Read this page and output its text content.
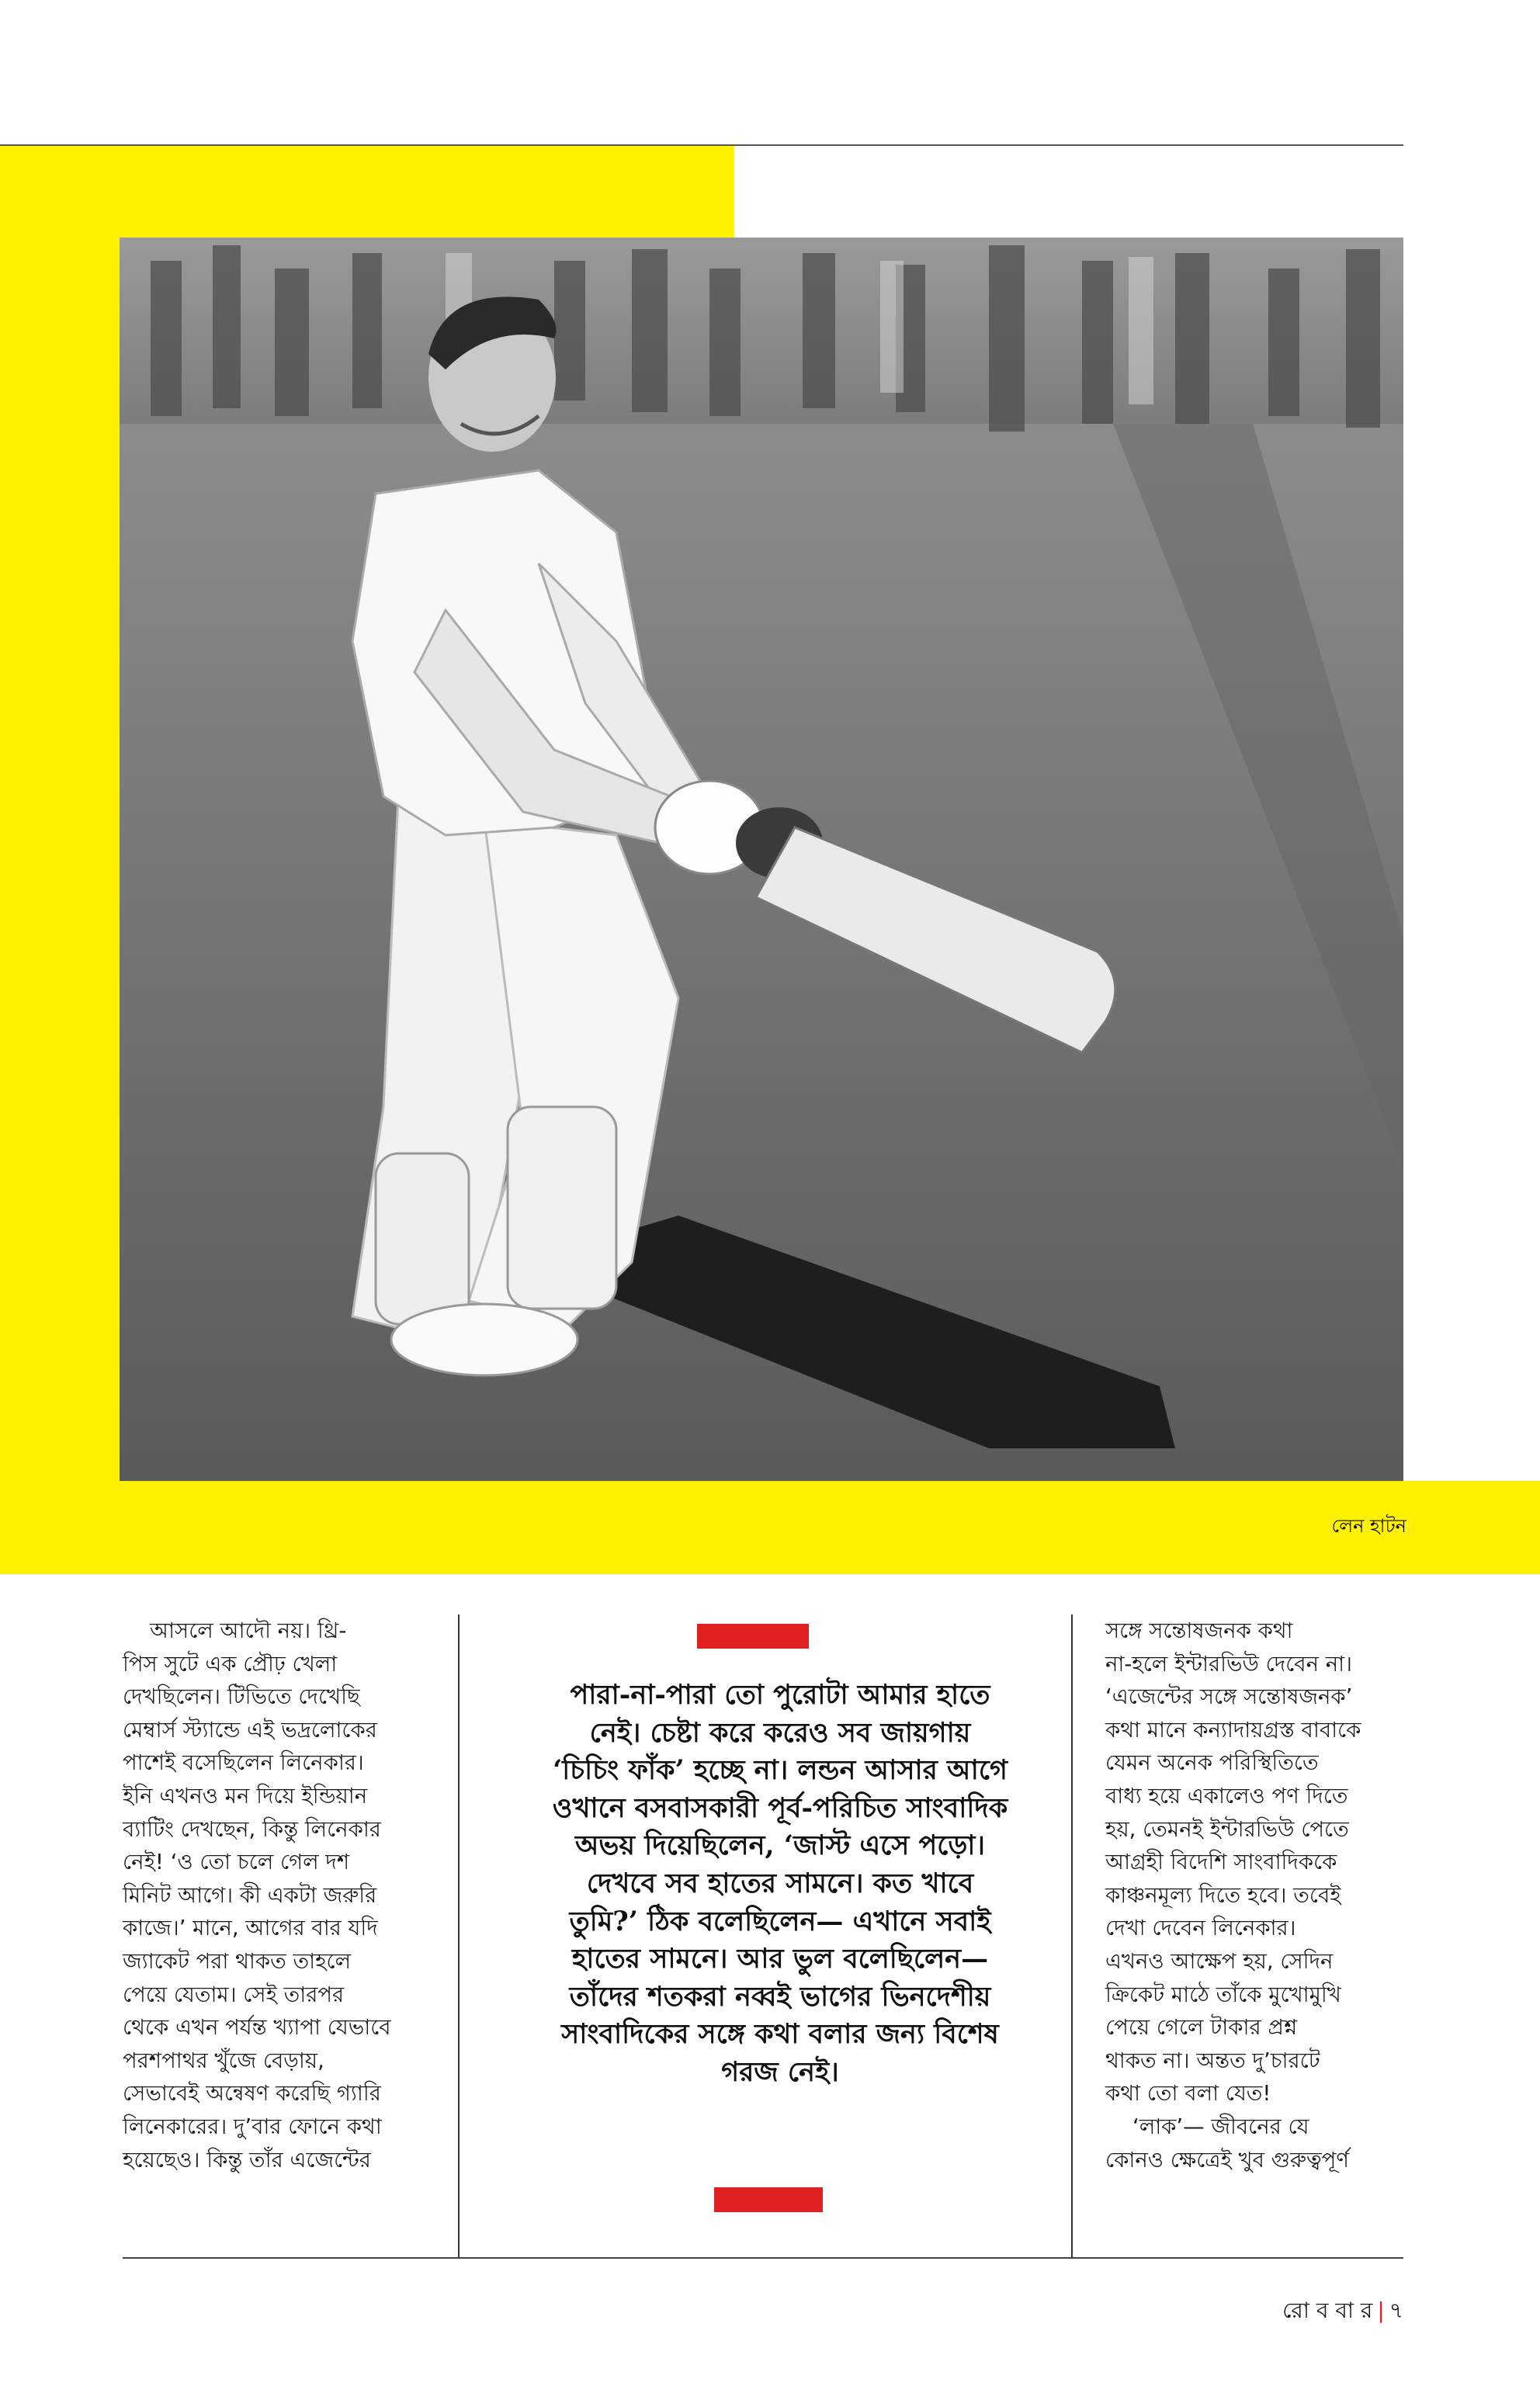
লেন হাটন

আসলে আদৌ নয়। থ্রি-

পিস সুটে এক প্রৌঢ় খেলা

দেখছিলেন। টিভিতে দেখেছি

মেম্বার্স স্ট্যান্ডে এই ভদ্রলোকের

পাশেই বসেছিলেন লিনেকার।

ইনি এখনও মন দিয়ে ইন্ডিয়ান

ব্যাটিং দেখছেন, কিন্তু লিনেকার

নেই! ‘ও তো চলে গেল দশ

মিনিট আগে। কী একটা জরুরি

কাজে।’ মানে, আগের বার যদি

জ্যাকেট পরা থাকত তাহলে

পেয়ে যেতাম। সেই তারপর

থেকে এখন পর্যন্ত খ্যাপা যেভাবে

পরশপাথর খুঁজে বেড়ায়,

সেভাবেই অন্বেষণ করেছি গ্যারি

লিনেকারের। দু’বার ফোনে কথা

হয়েছেও। কিন্তু তাঁর এজেন্টের

পারা-না-পারা তো পুরোটা আমার হাতে

নেই। চেষ্টা করে করেও সব জায়গায়

‘চিচিং ফাঁক’ হচ্ছে না। লন্ডন আসার আগে

ওখানে বসবাসকারী পূর্ব-পরিচিত সাংবাদিক

অভয় দিয়েছিলেন, ‘জাস্ট এসে পড়ো।

দেখবে সব হাতের সামনে। কত খাবে

তুমি?’ ঠিক বলেছিলেন— এখানে সবাই

হাতের সামনে। আর ভুল বলেছিলেন—

তাঁদের শতকরা নব্বই ভাগের ভিনদেশীয়

সাংবাদিকের সঙ্গে কথা বলার জন্য বিশেষ

গরজ নেই।

সঙ্গে সন্তোষজনক কথা

না-হলে ইন্টারভিউ দেবেন না।

‘এজেন্টের সঙ্গে সন্তোষজনক’

কথা মানে কন্যাদায়গ্রস্ত বাবাকে

যেমন অনেক পরিস্থিতিতে

বাধ্য হয়ে একালেও পণ দিতে

হয়, তেমনই ইন্টারভিউ পেতে

আগ্রহী বিদেশি সাংবাদিককে

কাঞ্চনমূল্য দিতে হবে। তবেই

দেখা দেবেন লিনেকার।

এখনও আক্ষেপ হয়, সেদিন

ক্রিকেট মাঠে তাঁকে মুখোমুখি

পেয়ে গেলে টাকার প্রশ্ন

থাকত না। অন্তত দু’চারটে

কথা তো বলা যেত!

‘লাক’— জীবনের যে

কোনও ক্ষেত্রেই খুব গুরুত্বপূর্ণ

রো ব বা র | ৭
